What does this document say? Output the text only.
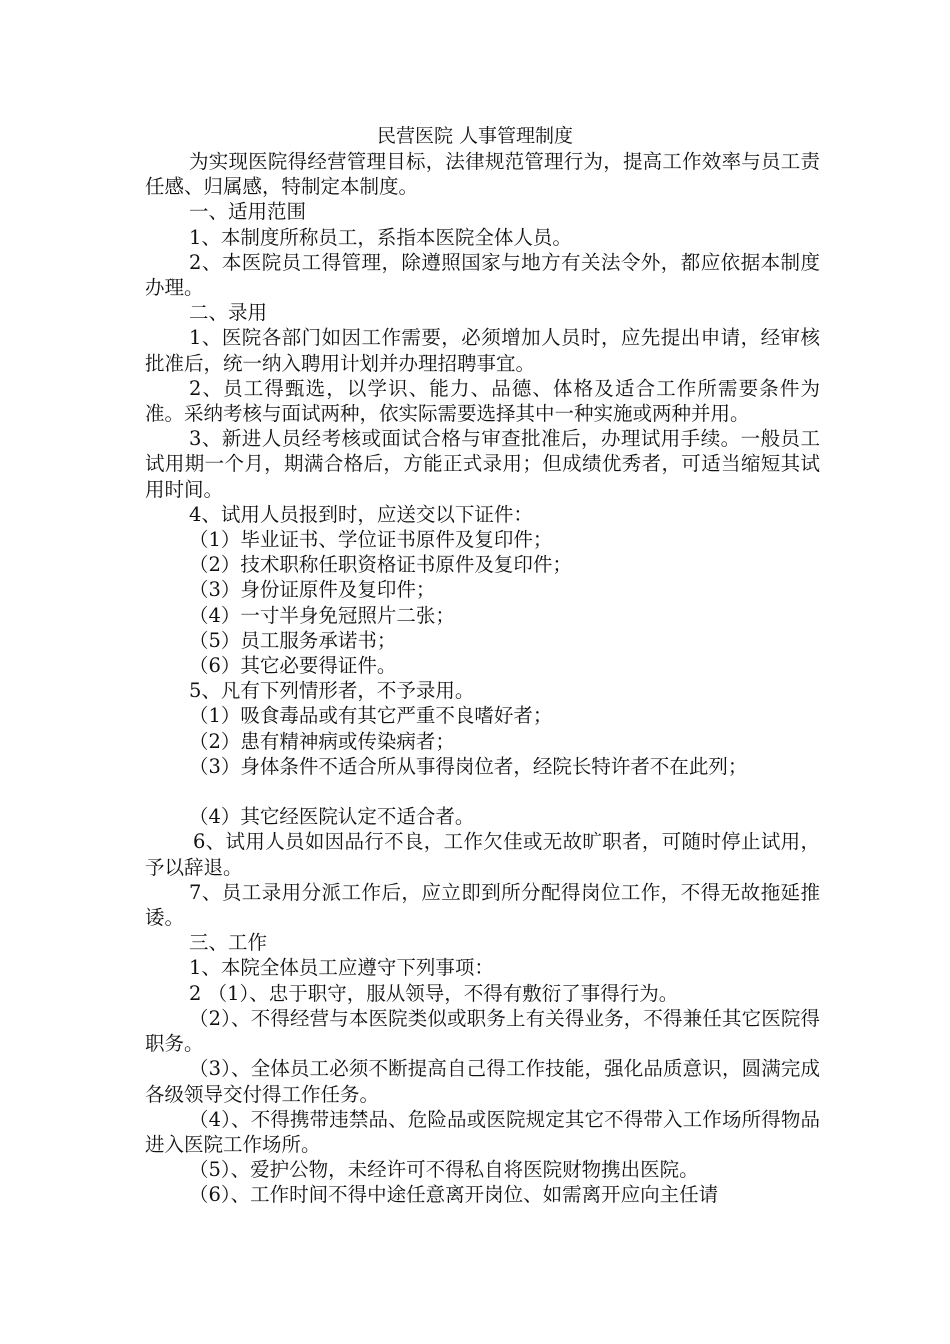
民营医院 人事管理制度

为实现医院得经营管理目标，法律规范管理行为，提高工作效率与员工责任感、归属感，特制定本制度。

一、适用范围

1、本制度所称员工，系指本医院全体人员。

2、本医院员工得管理，除遵照国家与地方有关法令外，都应依据本制度办理。

二、录用

1、医院各部门如因工作需要，必须增加人员时，应先提出申请，经审核批准后，统一纳入聘用计划并办理招聘事宜。

2、员工得甄选，以学识、能力、品德、体格及适合工作所需要条件为准。采纳考核与面试两种，依实际需要选择其中一种实施或两种并用。

3、新进人员经考核或面试合格与审查批准后，办理试用手续。一般员工试用期一个月，期满合格后，方能正式录用；但成绩优秀者，可适当缩短其试用时间。

4、试用人员报到时，应送交以下证件：

（1）毕业证书、学位证书原件及复印件；

（2）技术职称任职资格证书原件及复印件；

（3）身份证原件及复印件；

（4）一寸半身免冠照片二张；

（5）员工服务承诺书；

（6）其它必要得证件。

5、凡有下列情形者，不予录用。

（1）吸食毒品或有其它严重不良嗜好者；

（2）患有精神病或传染病者；

（3）身体条件不适合所从事得岗位者，经院长特许者不在此列；

（4）其它经医院认定不适合者。

6、试用人员如因品行不良，工作欠佳或无故旷职者，可随时停止试用，予以辞退。

7、员工录用分派工作后，应立即到所分配得岗位工作，不得无故拖延推诿。

三、工作

1、本院全体员工应遵守下列事项：

2 （1）、忠于职守，服从领导，不得有敷衍了事得行为。

（2）、不得经营与本医院类似或职务上有关得业务，不得兼任其它医院得职务。

（3）、全体员工必须不断提高自己得工作技能，强化品质意识，圆满完成各级领导交付得工作任务。

（4）、不得携带违禁品、危险品或医院规定其它不得带入工作场所得物品进入医院工作场所。

（5）、爱护公物，未经许可不得私自将医院财物携出医院。

（6）、工作时间不得中途任意离开岗位、如需离开应向主任请
